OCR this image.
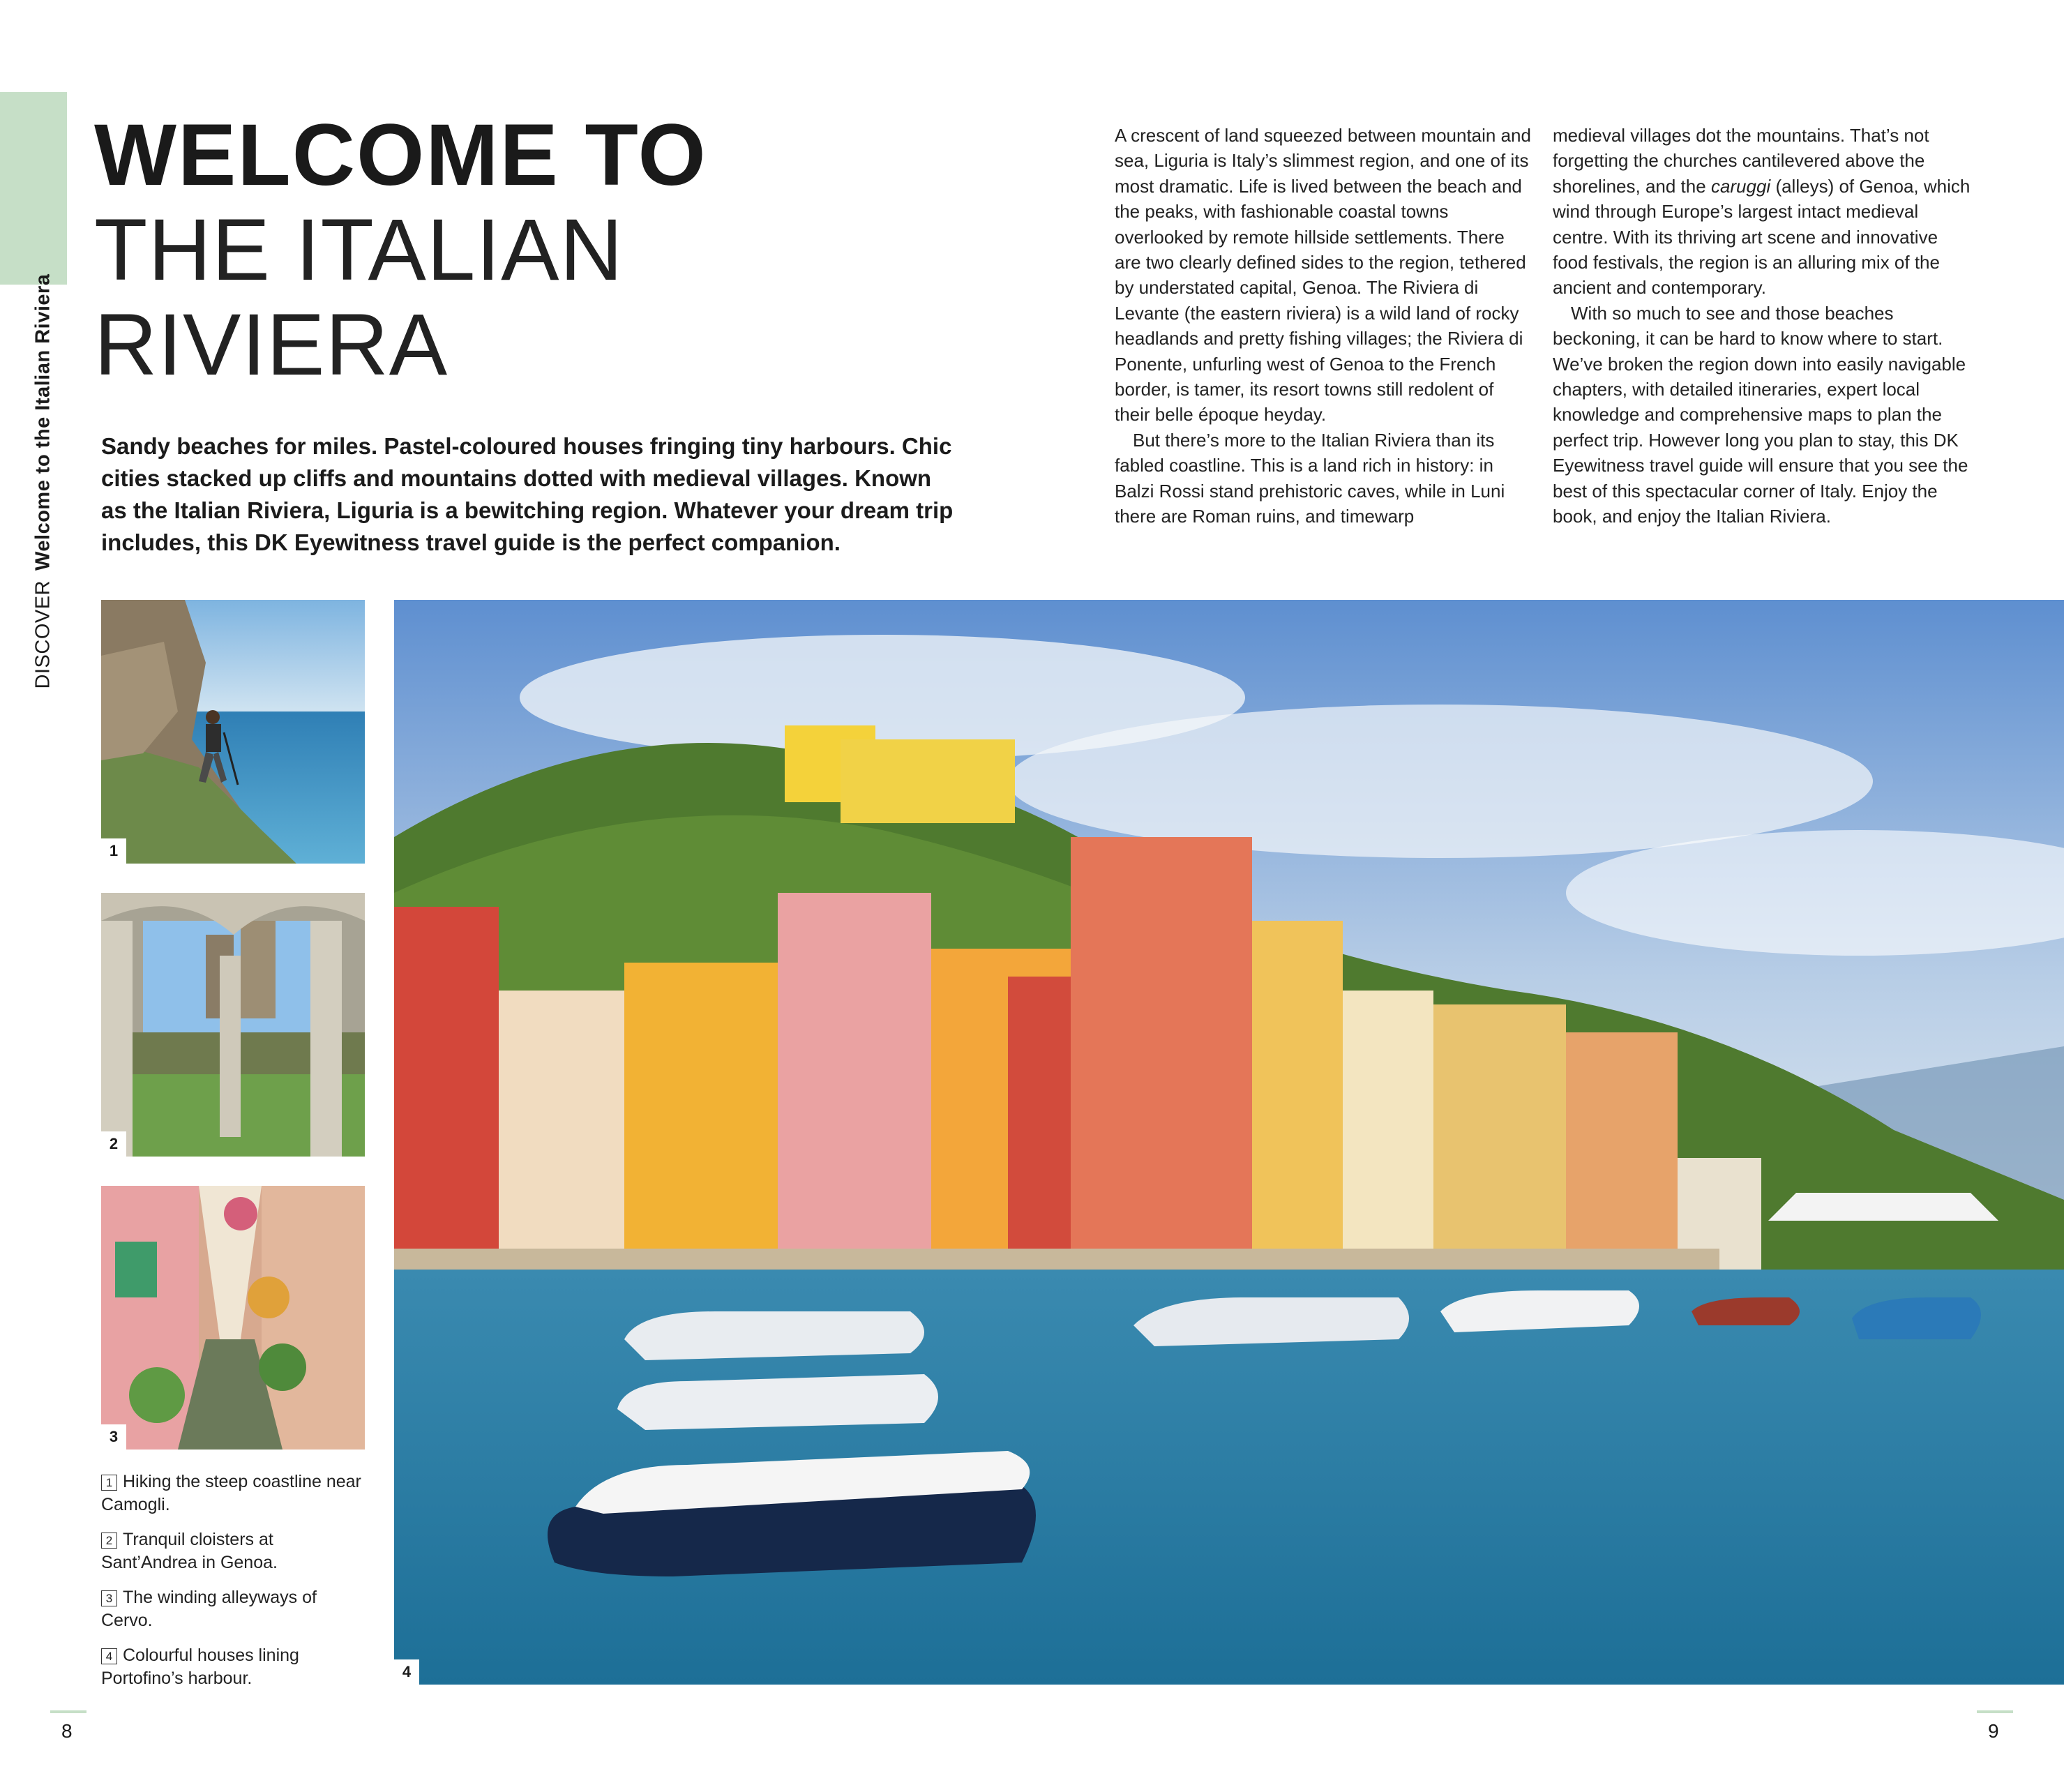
DISCOVERWelcome to the Italian Riviera
WELCOME TO
THE ITALIAN
RIVIERA

Sandy beaches for miles. Pastel-coloured houses fringing tiny harbours. Chic cities stacked up cliffs and mountains dotted with medieval villages. Known as the Italian Riviera, Liguria is a bewitching region. Whatever your dream trip includes, this DK Eyewitness travel guide is the perfect companion.

A crescent of land squeezed between mountain and sea, Liguria is Italy’s slimmest region, and one of its most dramatic. Life is lived between the beach and the peaks, with fashionable coastal towns overlooked by remote hillside settlements. There are two clearly defined sides to the region, tethered by understated capital, Genoa. The Riviera di Levante (the eastern riviera) is a wild land of rocky headlands and pretty fishing villages; the Riviera di Ponente, unfurling west of Genoa to the French border, is tamer, its resort towns still redolent of their belle époque heyday.

But there’s more to the Italian Riviera than its fabled coastline. This is a land rich in history: in Balzi Rossi stand prehistoric caves, while in Luni there are Roman ruins, and timewarp

medieval villages dot the mountains. That’s not forgetting the churches cantilevered above the shorelines, and the caruggi (alleys) of Genoa, which wind through Europe’s largest intact medieval centre. With its thriving art scene and innovative food festivals, the region is an alluring mix of the ancient and contemporary.

With so much to see and those beaches beckoning, it can be hard to know where to start. We’ve broken the region down into easily navigable chapters, with detailed itineraries, expert local knowledge and comprehensive maps to plan the perfect trip. However long you plan to stay, this DK Eyewitness travel guide will ensure that you see the best of this spectacular corner of Italy. Enjoy the book, and enjoy the Italian Riviera.

1
2
3
4

1 Hiking the steep coastline near Camogli.

2 Tranquil cloisters at Sant’Andrea in Genoa.

3 The winding alleyways of Cervo.

4 Colourful houses lining Portofino’s harbour.

8	9
